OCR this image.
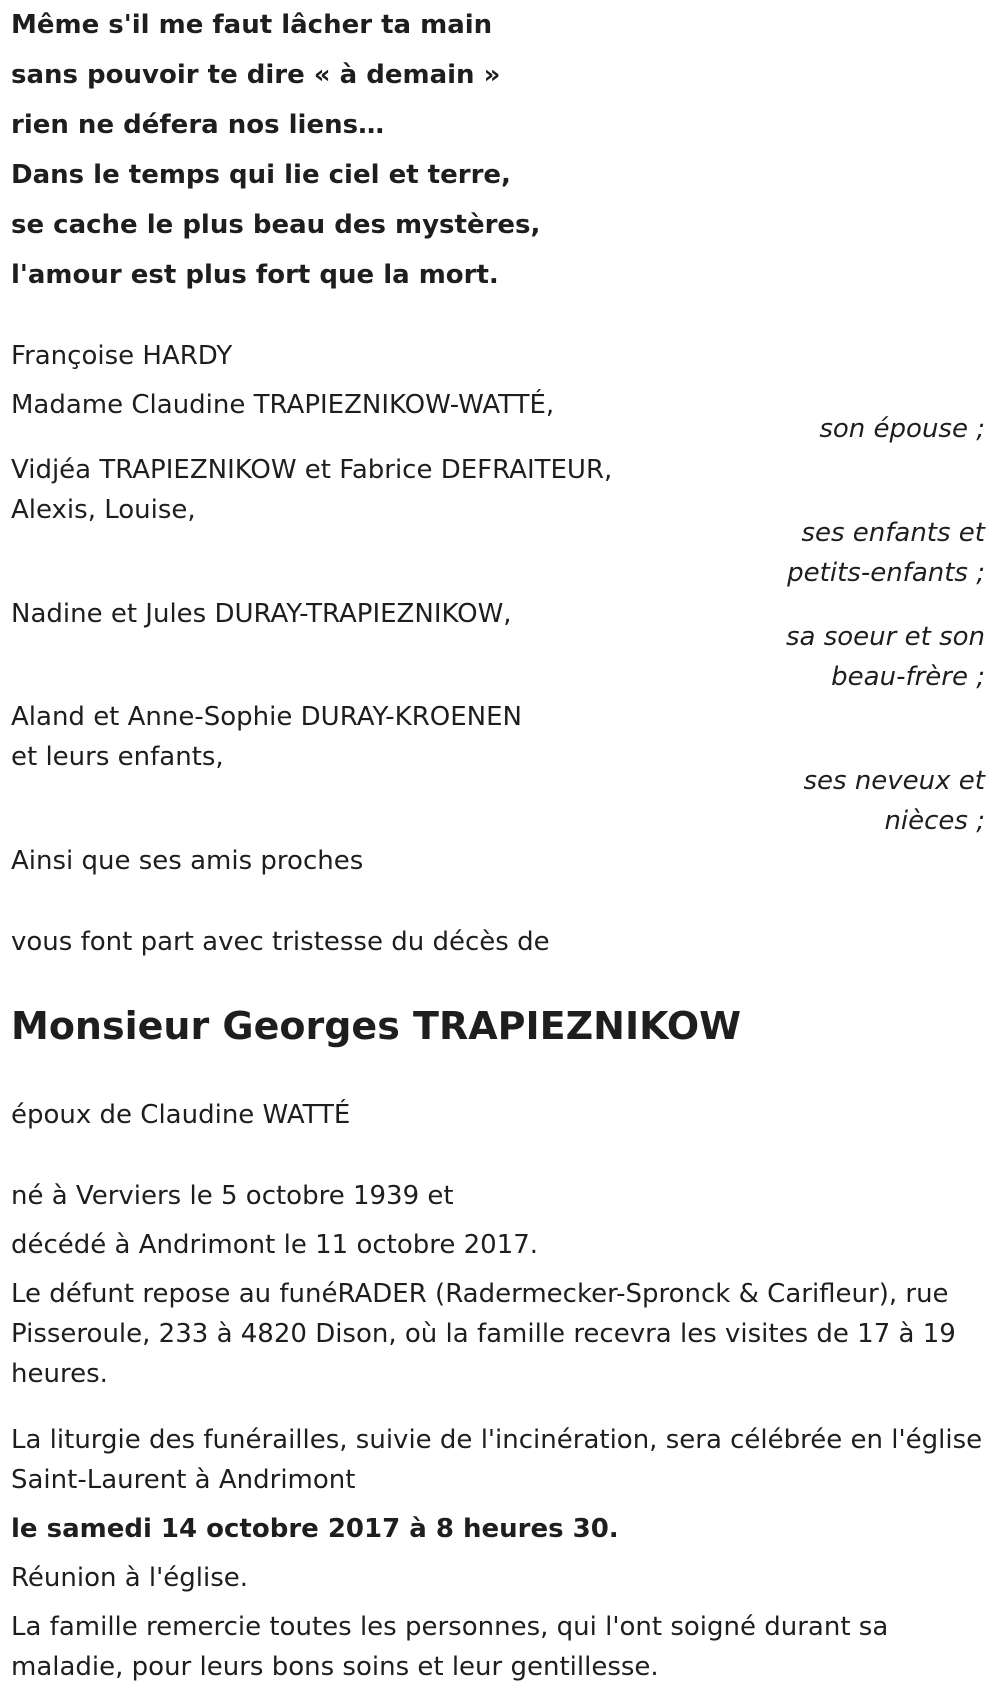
Même s'il me faut lâcher ta main
sans pouvoir te dire « à demain »
rien ne défera nos liens…
Dans le temps qui lie ciel et terre,
se cache le plus beau des mystères,
l'amour est plus fort que la mort.
Françoise HARDY
Madame Claudine TRAPIEZNIKOW-WATTÉ,
son épouse ;
Vidjéa TRAPIEZNIKOW et Fabrice DEFRAITEUR,
Alexis, Louise,
ses enfants et
petits-enfants ;
Nadine et Jules DURAY-TRAPIEZNIKOW,
sa soeur et son
beau-frère ;
Aland et Anne-Sophie DURAY-KROENEN
et leurs enfants,
ses neveux et
nièces ;
Ainsi que ses amis proches
vous font part avec tristesse du décès de
Monsieur Georges TRAPIEZNIKOW
époux de Claudine WATTÉ
né à Verviers le 5 octobre 1939 et
décédé à Andrimont le 11 octobre 2017.
Le défunt repose au funéRADER (Radermecker-Spronck & Carifleur), rue Pisseroule, 233 à 4820 Dison, où la famille recevra les visites de 17 à 19 heures.
La liturgie des funérailles, suivie de l'incinération, sera célébrée en l'église Saint-Laurent à Andrimont
le samedi 14 octobre 2017 à 8 heures 30.
Réunion à l'église.
La famille remercie toutes les personnes, qui l'ont soigné durant sa maladie, pour leurs bons soins et leur gentillesse.
